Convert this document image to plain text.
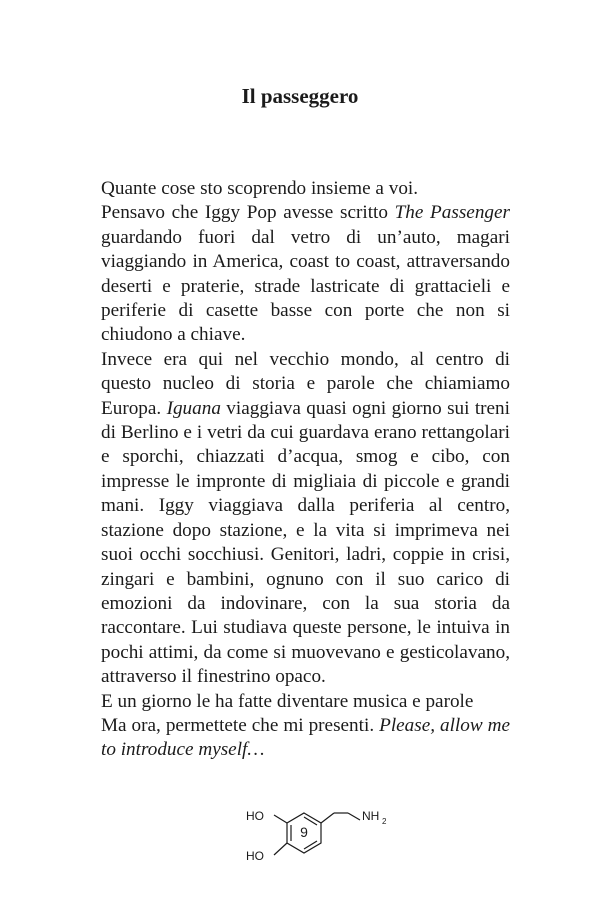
Il passeggero

Quante cose sto scoprendo insieme a voi.

Pensavo che Iggy Pop avesse scritto The Passenger guardando fuori dal vetro di un’auto, magari viaggiando in America, coast to coast, attraversando deserti e praterie, strade lastricate di grattacieli e periferie di casette basse con porte che non si chiudono a chiave.

Invece era qui nel vecchio mondo, al centro di questo nucleo di storia e parole che chiamiamo Europa. Iguana viaggiava quasi ogni giorno sui treni di Berlino e i vetri da cui guardava erano rettangolari e sporchi, chiazzati d’acqua, smog e cibo, con impresse le impronte di migliaia di piccole e grandi mani. Iggy viaggiava dalla periferia al centro, stazione dopo stazione, e la vita si imprimeva nei suoi occhi socchiusi. Genitori, ladri, coppie in crisi, zingari e bambini, ognuno con il suo carico di emozioni da indovinare, con la sua storia da raccontare. Lui studiava queste persone, le intuiva in pochi attimi, da come si muovevano e gesticolavano, attraverso il finestrino opaco.

E un giorno le ha fatte diventare musica e parole

Ma ora, permettete che mi presenti. Please, allow me to introduce myself…

HO
HO
NH 2
9
